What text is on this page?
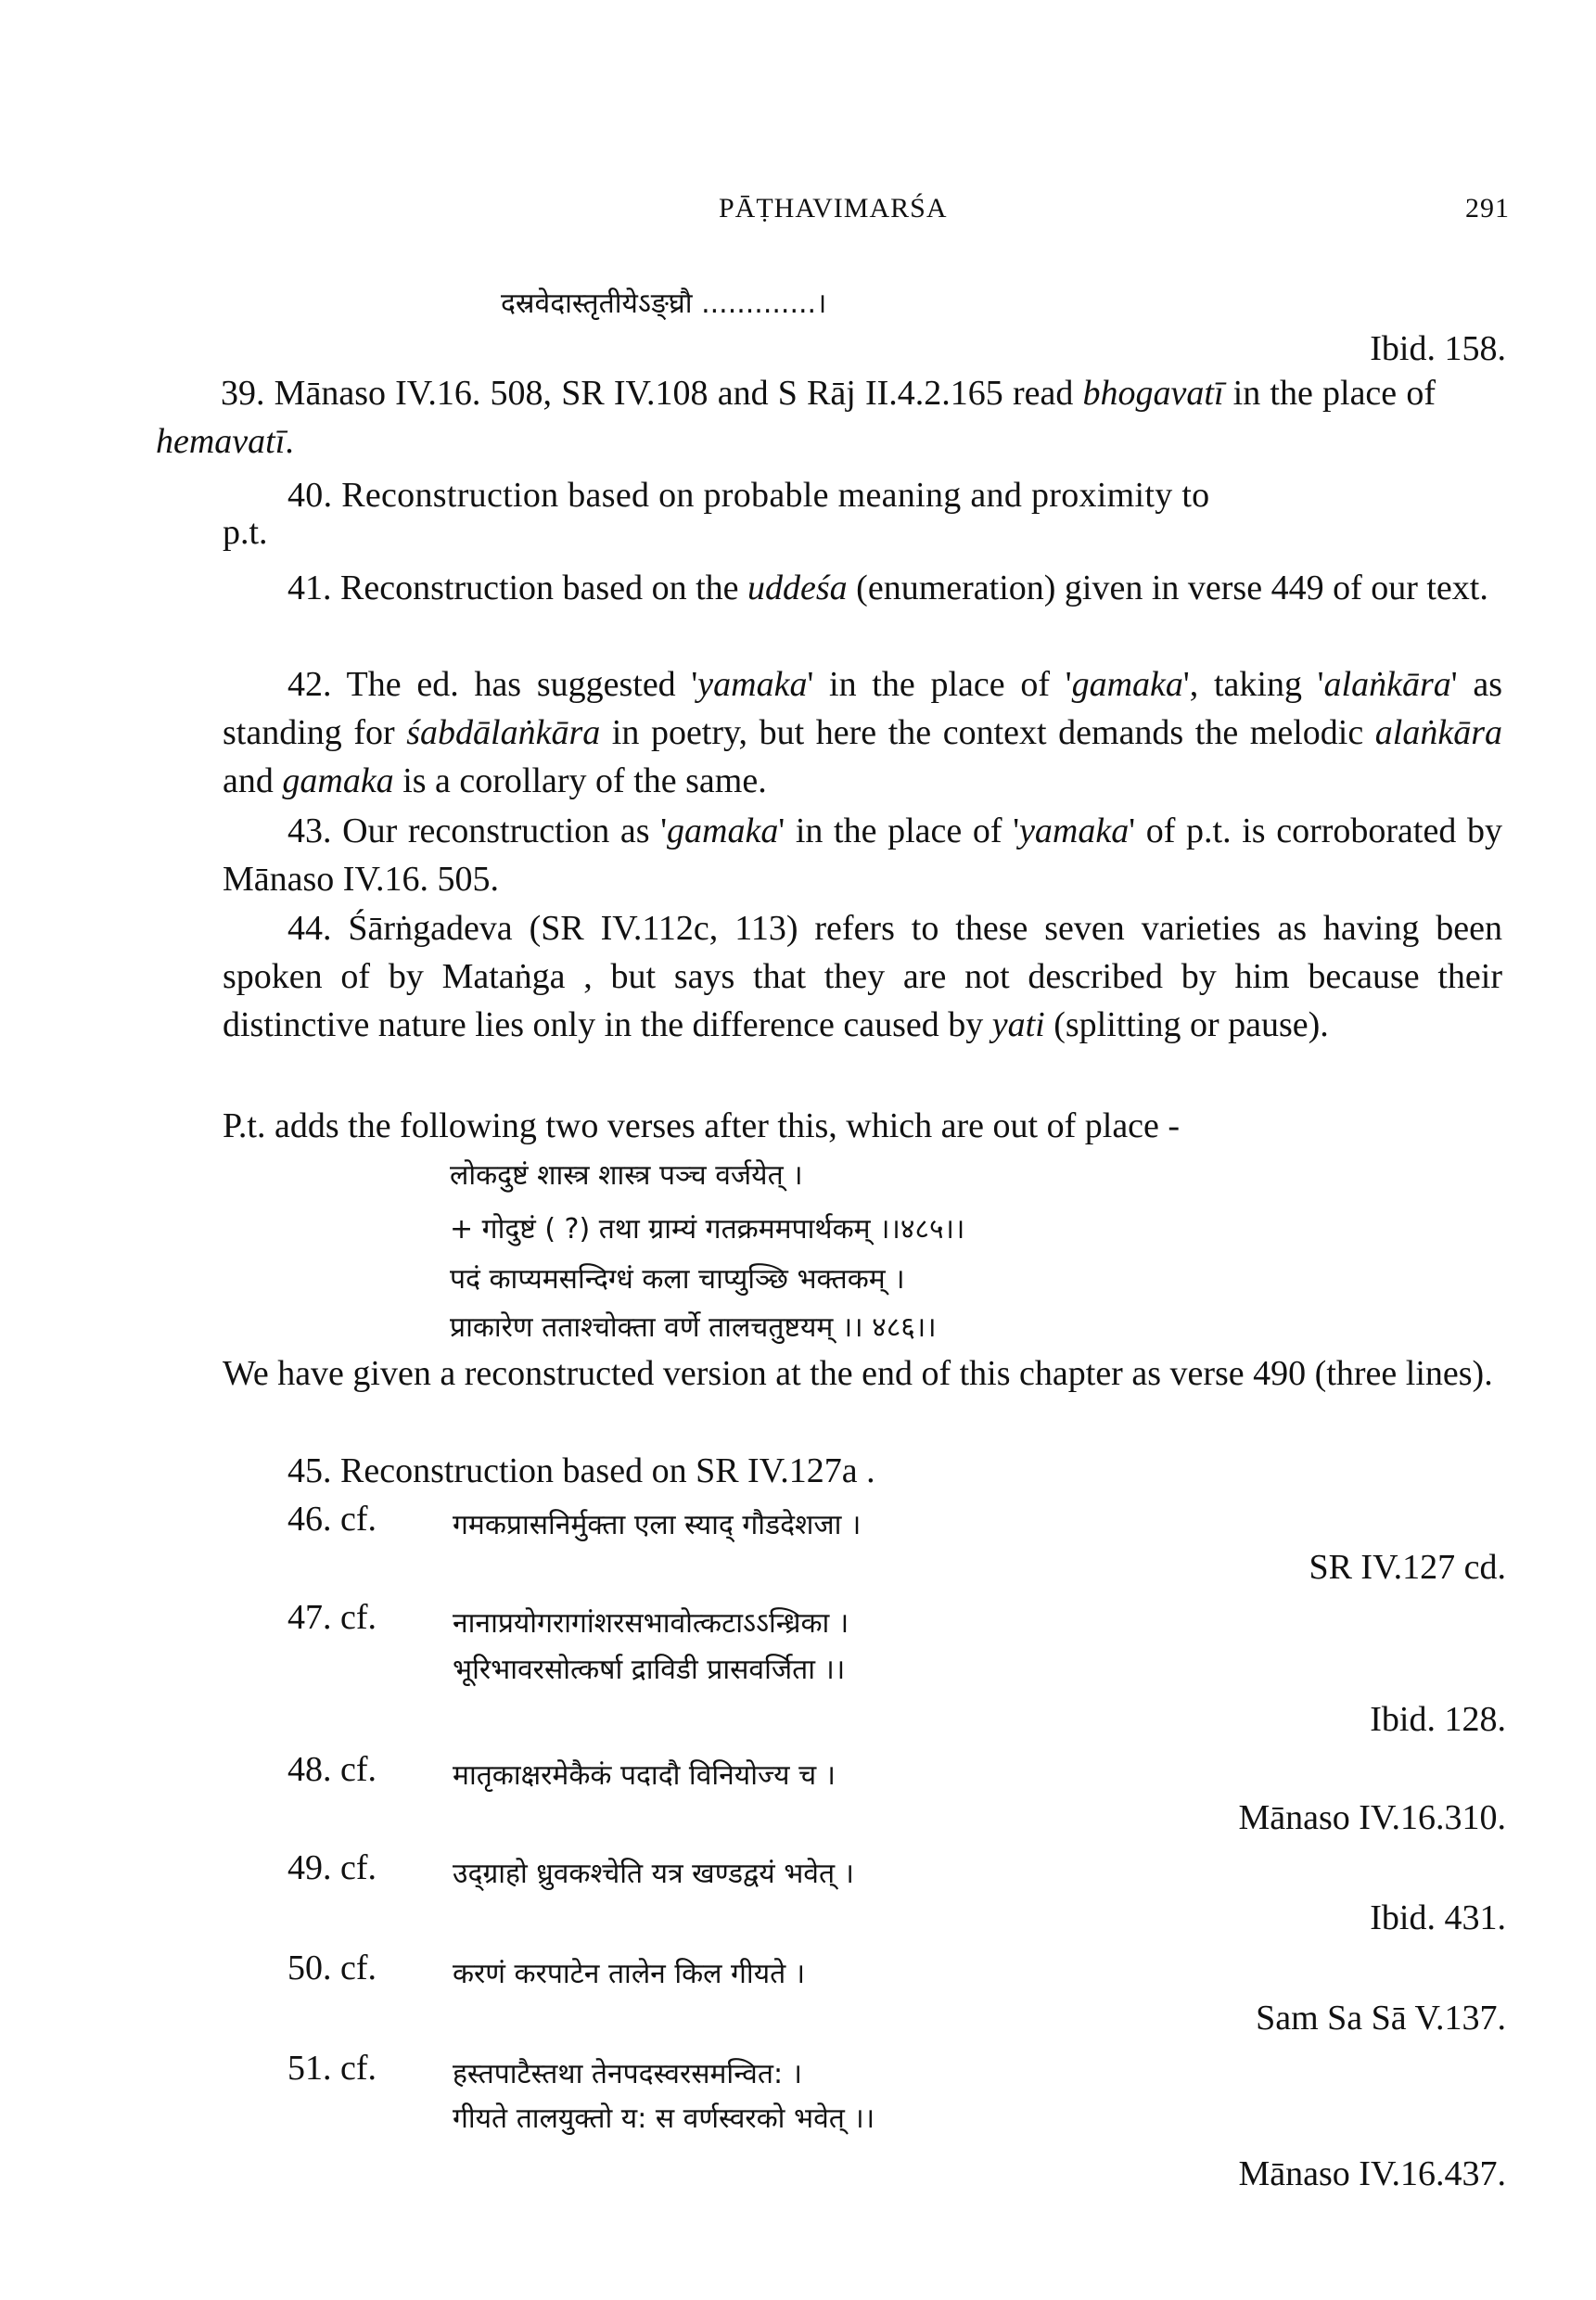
PĀṬHAVIMARŚA	291
दस्रवेदास्तृतीयेऽङ्घ्रौ .............।
Ibid. 158.
39. Mānaso IV.16. 508, SR IV.108 and S Rāj II.4.2.165 read bhogavatī in the place of hemavatī.
40. Reconstruction based on probable meaning and proximity to
p.t.
41. Reconstruction based on the uddeśa (enumeration) given in verse 449 of our text.
42. The ed. has suggested 'yamaka' in the place of 'gamaka', taking 'alaṅkāra' as standing for śabdālaṅkāra in poetry, but here the context demands the melodic alaṅkāra and gamaka is a corollary of the same.
43. Our reconstruction as 'gamaka' in the place of 'yamaka' of p.t. is corroborated by Mānaso IV.16. 505.
44. Śārṅgadeva (SR IV.112c, 113) refers to these seven varieties as having been spoken of by Mataṅga , but says that they are not described by him because their distinctive nature lies only in the difference caused by yati (splitting or pause).
P.t. adds the following two verses after this, which are out of place -
लोकदुष्टं शास्त्र शास्त्र पञ्च वर्जयेत् ।
+ गोदुष्टं ( ?) तथा ग्राम्यं गतक्रममपार्थकम् ।।४८५।।
पदं काप्यमसन्दिग्धं कला चाप्युञ्छि भक्तकम् ।
प्राकारेण तताश्चोक्ता वर्णे तालचतुष्टयम् ।। ४८६।।
We have given a reconstructed version at the end of this chapter as verse 490 (three lines).
45. Reconstruction based on SR IV.127a .
46. cf.	गमकप्रासनिर्मुक्ता एला स्याद् गौडदेशजा ।
SR IV.127 cd.
47. cf.	नानाप्रयोगरागांशरसभावोत्कटाऽऽन्ध्रिका ।
भूरिभावरसोत्कर्षा द्राविडी प्रासवर्जिता ।।
Ibid. 128.
48. cf.	मातृकाक्षरमेकैकं पदादौ विनियोज्य च ।
Mānaso IV.16.310.
49. cf.	उद्ग्राहो ध्रुवकश्चेति यत्र खण्डद्वयं भवेत् ।
Ibid. 431.
50. cf.	करणं करपाटेन तालेन किल गीयते ।
Sam Sa Sā V.137.
51. cf.	हस्तपाटैस्तथा तेनपदस्वरसमन्वित: ।
गीयते तालयुक्तो य: स वर्णस्वरको भवेत् ।।
Mānaso IV.16.437.
